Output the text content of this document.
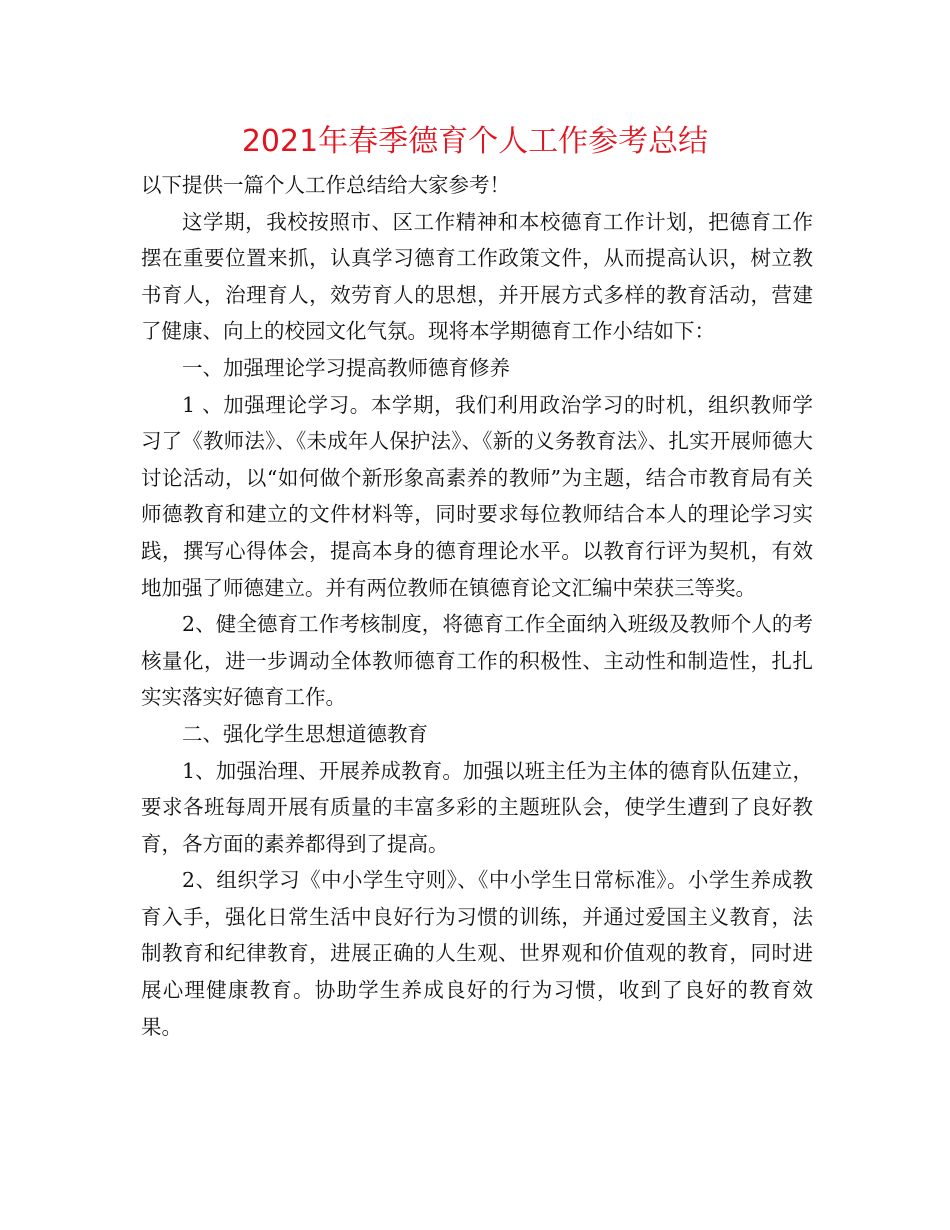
2021年春季德育个人工作参考总结

以下提供一篇个人工作总结给大家参考！

这学期，我校按照市、区工作精神和本校德育工作计划，把德育工作摆在重要位置来抓，认真学习德育工作政策文件，从而提高认识，树立教书育人，治理育人，效劳育人的思想，并开展方式多样的教育活动，营建了健康、向上的校园文化气氛。现将本学期德育工作小结如下：

一、加强理论学习提高教师德育修养

1 、加强理论学习。本学期，我们利用政治学习的时机，组织教师学习了《教师法》、《未成年人保护法》、《新的义务教育法》、扎实开展师德大讨论活动，以“如何做个新形象高素养的教师”为主题，结合市教育局有关师德教育和建立的文件材料等，同时要求每位教师结合本人的理论学习实践，撰写心得体会，提高本身的德育理论水平。以教育行评为契机，有效地加强了师德建立。并有两位教师在镇德育论文汇编中荣获三等奖。

2、健全德育工作考核制度，将德育工作全面纳入班级及教师个人的考核量化，进一步调动全体教师德育工作的积极性、主动性和制造性，扎扎实实落实好德育工作。

二、强化学生思想道德教育

1、加强治理、开展养成教育。加强以班主任为主体的德育队伍建立，要求各班每周开展有质量的丰富多彩的主题班队会，使学生遭到了良好教育，各方面的素养都得到了提高。

2、组织学习《中小学生守则》、《中小学生日常标准》。小学生养成教育入手，强化日常生活中良好行为习惯的训练，并通过爱国主义教育，法制教育和纪律教育，进展正确的人生观、世界观和价值观的教育，同时进展心理健康教育。协助学生养成良好的行为习惯，收到了良好的教育效果。
